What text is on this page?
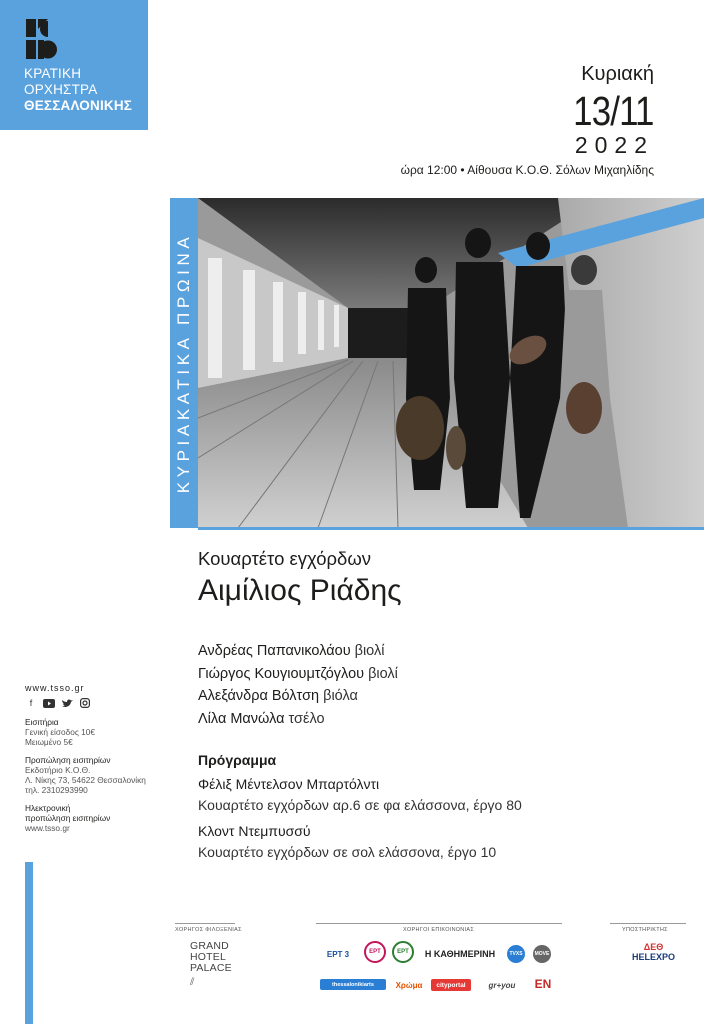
ΚΡΑΤΙΚΗ
ΟΡΧΗΣΤΡΑ
ΘΕΣΣΑΛΟΝΙΚΗΣ
Κυριακή
13/11
2022
ώρα 12:00 • Αίθουσα Κ.Ο.Θ. Σόλων Μιχαηλίδης
ΚΥΡΙΑΚΑΤΙΚΑ ΠΡΩΙΝΑ
Κουαρτέτο εγχόρδων
Αιμίλιος Ριάδης
Ανδρέας Παπανικολάου βιολί
Γιώργος Κουγιουμτζόγλου βιολί
Αλεξάνδρα Βόλτση βιόλα
Λίλα Μανώλα τσέλο
Πρόγραμμα
Φέλιξ Μέντελσον Μπαρτόλντι
Κουαρτέτο εγχόρδων αρ.6 σε φα ελάσσονα, έργο 80
Κλοντ Ντεμπυσσύ
Κουαρτέτο εγχόρδων σε σολ ελάσσονα, έργο 10
www.tsso.gr
f
Εισιτήρια
Γενική είσοδος 10€
Μειωμένο 5€
Προπώληση εισιτηρίων
Εκδοτήριο Κ.Ο.Θ.
Λ. Νίκης 73, 54622 Θεσσαλονίκη
τηλ. 2310293990
Ηλεκτρονική
προπώληση εισιτηρίων
www.tsso.gr
ΧΟΡΗΓΟΣ ΦΙΛΟΞΕΝΙΑΣ	ΧΟΡΗΓΟΙ ΕΠΙΚΟΙΝΩΝΙΑΣ	ΥΠΟΣΤΗΡΙΚΤΗΣ
GRAND
HOTEL
PALACE
⫽
ΕΡΤ 3	ΕΡΤ	ΕΡΤ	Η ΚΑΘΗΜΕΡΙΝΗ	TVXS	MOVE
thessalonikiarts	Χρώμα	cityportal	gr+you	EN
ΔΕΘ
HELEXPO
